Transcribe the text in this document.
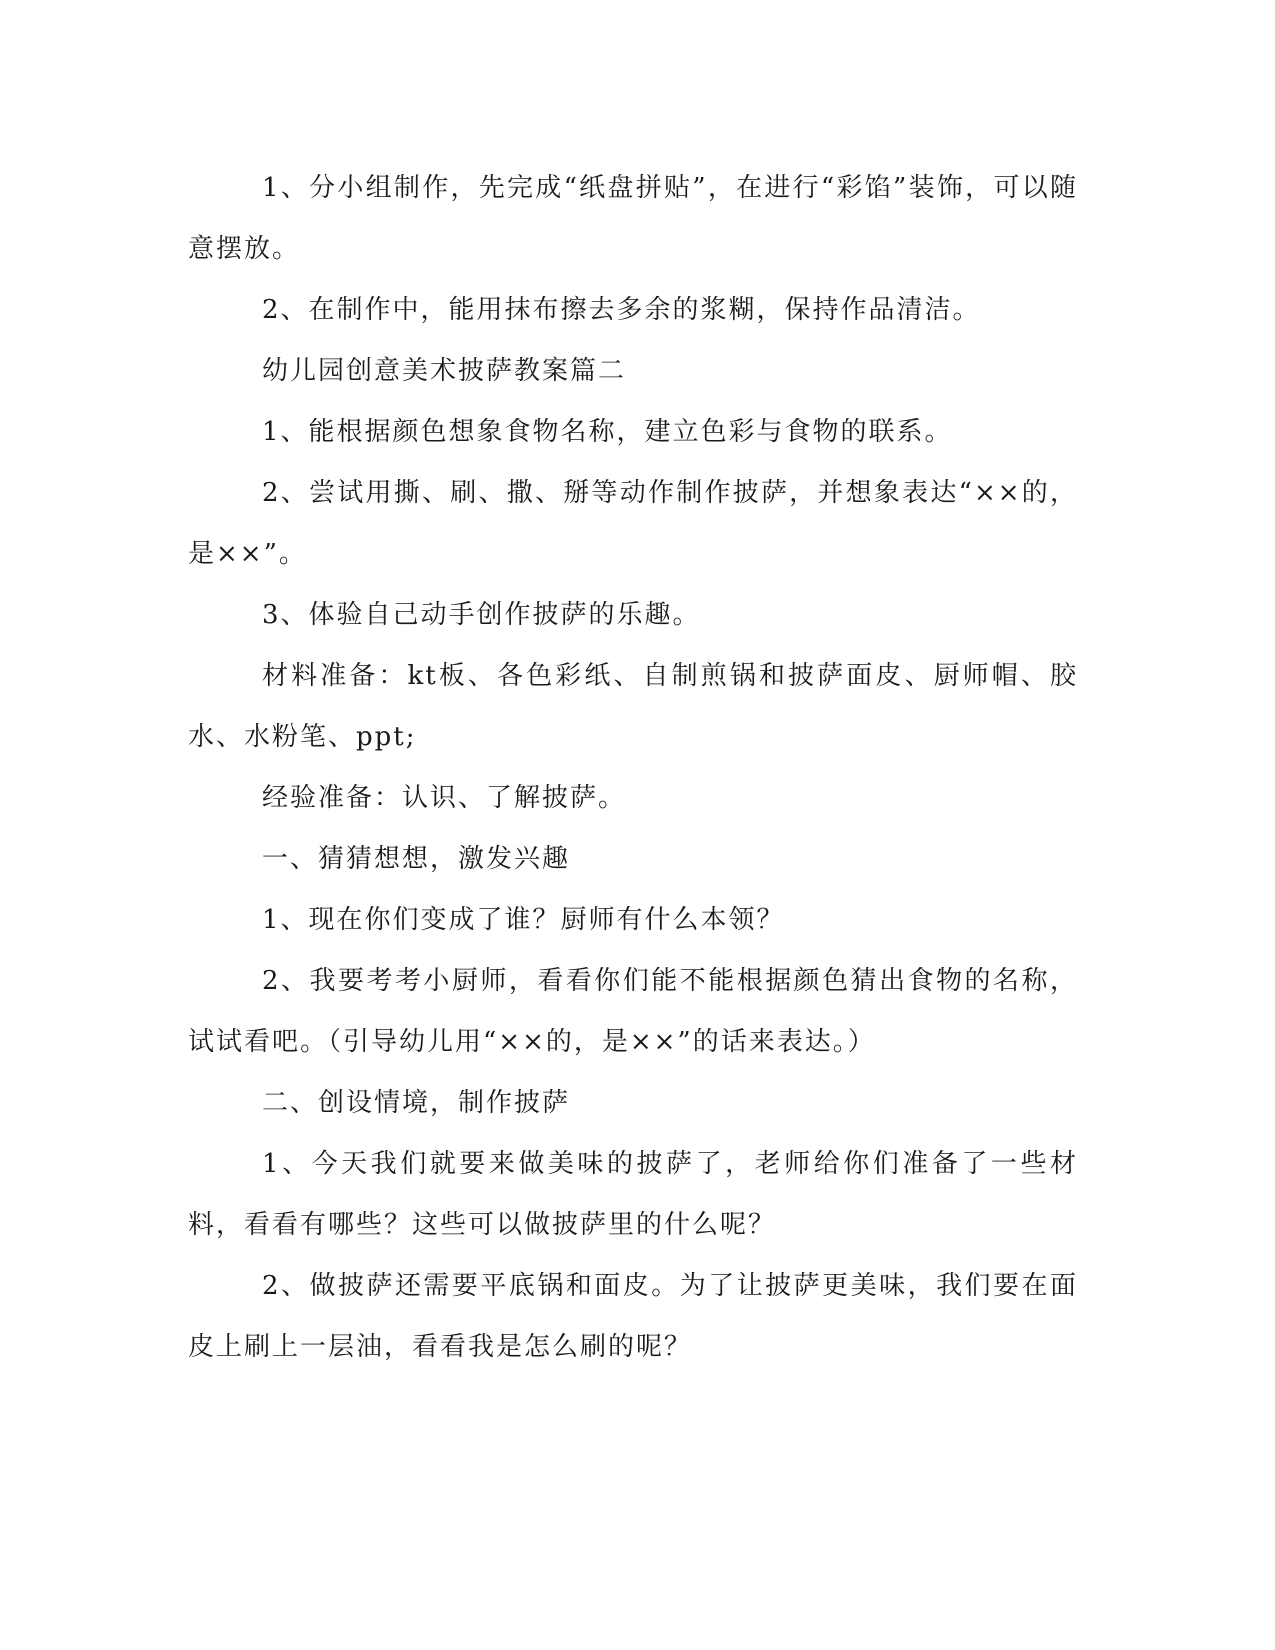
1、分小组制作，先完成“纸盘拼贴”，在进行“彩馅”装饰，可以随意摆放。

2、在制作中，能用抹布擦去多余的浆糊，保持作品清洁。

幼儿园创意美术披萨教案篇二

1、能根据颜色想象食物名称，建立色彩与食物的联系。

2、尝试用撕、刷、撒、掰等动作制作披萨，并想象表达“××的，是××”。

3、体验自己动手创作披萨的乐趣。

材料准备：kt板、各色彩纸、自制煎锅和披萨面皮、厨师帽、胶水、水粉笔、ppt;

经验准备：认识、了解披萨。

一、猜猜想想，激发兴趣

1、现在你们变成了谁？厨师有什么本领？

2、我要考考小厨师，看看你们能不能根据颜色猜出食物的名称，试试看吧。（引导幼儿用“××的，是××”的话来表达。）

二、创设情境，制作披萨

1、今天我们就要来做美味的披萨了，老师给你们准备了一些材料，看看有哪些？这些可以做披萨里的什么呢？

2、做披萨还需要平底锅和面皮。为了让披萨更美味，我们要在面皮上刷上一层油，看看我是怎么刷的呢？
